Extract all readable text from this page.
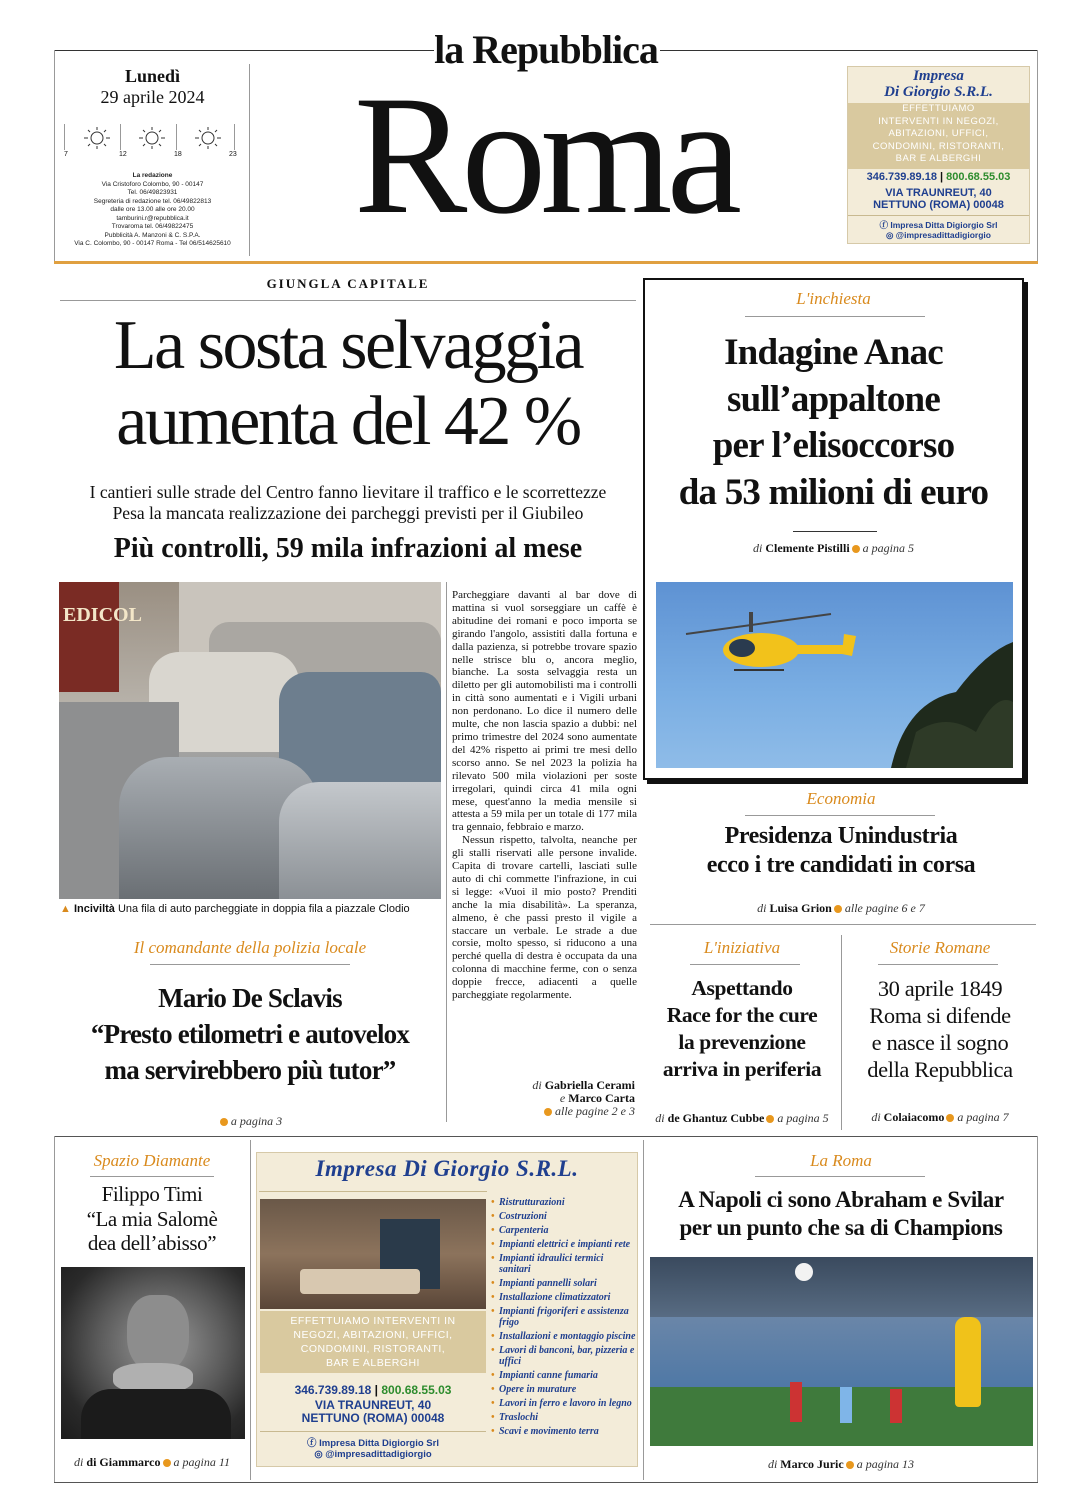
la Repubblica
Lunedì
29 aprile 2024
7	12	18	23
La redazione
Via Cristoforo Colombo, 90 - 00147
Tel. 06/49823931
Segreteria di redazione tel. 06/49822813
dalle ore 13.00 alle ore 20.00
tamburini.r@repubblica.it
Trovaroma tel. 06/49822475
Pubblicità A. Manzoni & C. S.P.A.
Via C. Colombo, 90 - 00147 Roma - Tel 06/514625610 Roma	Impresa
Di Giorgio S.R.L.
EFFETTUIAMO
INTERVENTI IN NEGOZI,
ABITAZIONI, UFFICI,
CONDOMINI, RISTORANTI,
BAR E ALBERGHI
346.739.89.18 | 800.68.55.03
VIA TRAUNREUT, 40
NETTUNO (ROMA) 00048
ⓕ Impresa Ditta Digiorgio Srl
◎ @impresadittadigiorgio
GIUNGLA CAPITALE
La sosta selvaggia
aumenta del 42 %
I cantieri sulle strade del Centro fanno lievitare il traffico e le scorrettezze
Pesa la mancata realizzazione dei parcheggi previsti per il Giubileo
Più controlli, 59 mila infrazioni al mese
EDICOL
▲ Inciviltà Una fila di auto parcheggiate in doppia fila a piazzale Clodio

Parcheggiare davanti al bar dove di mattina si vuol sorseggiare un caffè è abitudine dei romani e poco importa se girando l'angolo, assistiti dalla fortuna e dalla pazienza, si potrebbe trovare spazio nelle strisce blu o, ancora meglio, bianche. La sosta selvaggia resta un diletto per gli automobilisti ma i controlli in città sono aumentati e i Vigili urbani non perdonano. Lo dice il numero delle multe, che non lascia spazio a dubbi: nel primo trimestre del 2024 sono aumentate del 42% rispetto ai primi tre mesi dello scorso anno. Se nel 2023 la polizia ha rilevato 500 mila violazioni per soste irregolari, quindi circa 41 mila ogni mese, quest'anno la media mensile si attesta a 59 mila per un totale di 177 mila tra gennaio, febbraio e marzo.

Nessun rispetto, talvolta, neanche per gli stalli riservati alle persone invalide. Capita di trovare cartelli, lasciati sulle auto di chi commette l'infrazione, in cui si legge: «Vuoi il mio posto? Prenditi anche la mia disabilità». La speranza, almeno, è che passi presto il vigile a staccare un verbale. Le strade a due corsie, molto spesso, si riducono a una perché quella di destra è occupata da una colonna di macchine ferme, con o senza doppie frecce, adiacenti a quelle parcheggiate regolarmente.

di Gabriella Cerami
e Marco Carta
alle pagine 2 e 3
Il comandante della polizia locale
Mario De Sclavis
“Presto etilometri e autovelox
ma servirebbero più tutor”
a pagina 3
L'inchiesta
Indagine Anac
sull’appaltone
per l’elisoccorso
da 53 milioni di euro
di Clemente Pistilli a pagina 5
Economia
Presidenza Unindustria
ecco i tre candidati in corsa
di Luisa Grion alle pagine 6 e 7
L'iniziativa
Aspettando
Race for the cure
la prevenzione
arriva in periferia
di de Ghantuz Cubbe a pagina 5
Storie Romane
30 aprile 1849
Roma si difende
e nasce il sogno
della Repubblica
di Colaiacomo a pagina 7
Spazio Diamante
Filippo Timi
“La mia Salomè
dea dell’abisso”
di di Giammarco a pagina 11
Impresa Di Giorgio S.R.L.
EFFETTUIAMO INTERVENTI IN
NEGOZI, ABITAZIONI, UFFICI,
CONDOMINI, RISTORANTI,
BAR E ALBERGHI
346.739.89.18 | 800.68.55.03
VIA TRAUNREUT, 40
NETTUNO (ROMA) 00048
ⓕ Impresa Ditta Digiorgio Srl
◎ @impresadittadigiorgio
• Ristrutturazioni
• Costruzioni
• Carpenteria
• Impianti elettrici e impianti rete
• Impianti idraulici termici sanitari
• Impianti pannelli solari
• Installazione climatizzatori
• Impianti frigoriferi e assistenza frigo
• Installazioni e montaggio piscine
• Lavori di banconi, bar, pizzeria e uffici
• Impianti canne fumaria
• Opere in murature
• Lavori in ferro e lavoro in legno
• Traslochi
• Scavi e movimento terra
La Roma
A Napoli ci sono Abraham e Svilar
per un punto che sa di Champions
di Marco Juric a pagina 13
